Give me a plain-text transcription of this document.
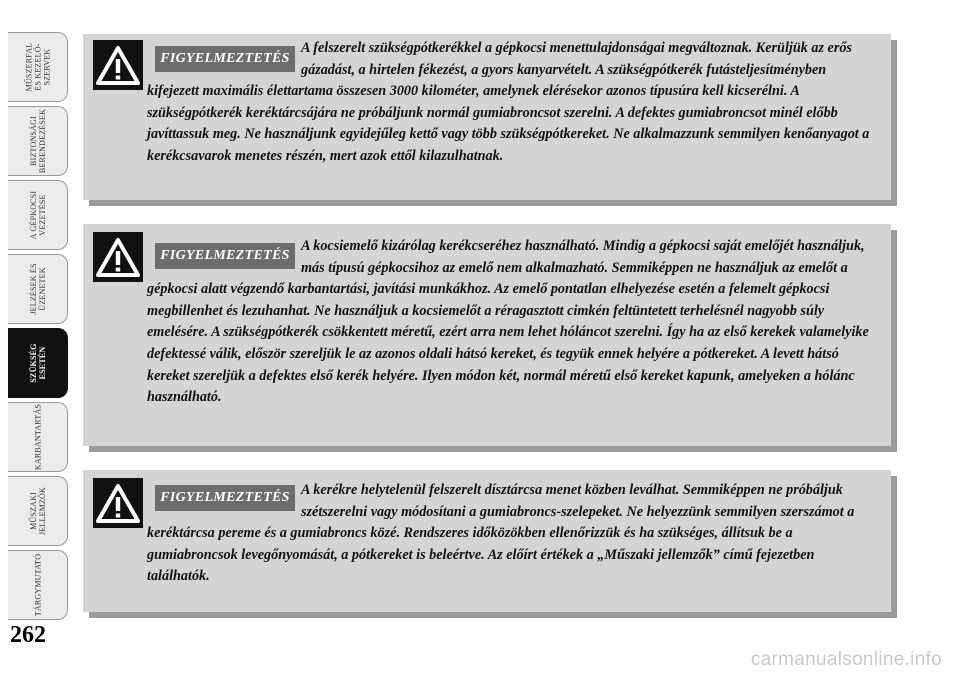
MŰSZERFAL
ÉS KEZELŐ-
SZERVEK
BIZTONSÁGI
BERENDEZÉSEK
A GÉPKOCSI
VEZETÉSE
JELZÉSEK ÉS
ÜZENETEK
SZÜKSÉG
ESETÉN
KARBANTARTÁS
MŰSZAKI
JELLEMZŐK
TÁRGYMUTATÓ
FIGYELMEZTETÉS

A felszerelt szükségpótkerékkel a gépkocsi menettulajdonságai megváltoznak. Kerüljük az erős gázadást, a hirtelen fékezést, a gyors kanyarvételt. A szükségpótkerék futásteljesítményben kifejezett maximális élettartama összesen 3000 kilométer, amelynek elérésekor azonos típusúra kell kicserélni. A szükségpótkerék keréktárcsájára ne próbáljunk normál gumiabroncsot szerelni. A defektes gumiabroncsot minél előbb javíttassuk meg. Ne használjunk egyidejűleg kettő vagy több szükségpótkereket. Ne alkalmazzunk semmilyen kenőanyagot a kerékcsavarok menetes részén, mert azok ettől kilazulhatnak.

FIGYELMEZTETÉS

A kocsiemelő kizárólag kerékcseréhez használható. Mindig a gépkocsi saját emelőjét használjuk, más típusú gépkocsihoz az emelő nem alkalmazható. Semmiképpen ne használjuk az emelőt a gépkocsi alatt végzendő karbantartási, javítási munkákhoz. Az emelő pontatlan elhelyezése esetén a felemelt gépkocsi megbillenhet és lezuhanhat. Ne használjuk a kocsiemelőt a réragasztott cimkén feltüntetett terhelésnél nagyobb súly emelésére. A szükségpótkerék csökkentett méretű, ezért arra nem lehet hóláncot szerelni. Így ha az első kerekek valamelyike defektessé válik, először szereljük le az azonos oldali hátsó kereket, és tegyük ennek helyére a pótkereket. A levett hátsó kereket szereljük a defektes első kerék helyére. Ilyen módon két, normál méretű első kereket kapunk, amelyeken a hólánc használható.

FIGYELMEZTETÉS A kerékre helytelenül felszerelt dísztárcsa menet közben leválhat. Semmiképpen ne próbáljuk szétszerelni vagy módosítani a gumiabroncs-szelepeket. Ne helyezzünk semmilyen szerszámot a keréktárcsa pereme és a gumiabroncs közé. Rendszeres időközökben ellenőrizzük és ha szükséges, állítsuk be a gumiabroncsok levegőnyomását, a pótkereket is beleértve. Az előírt értékek a „Műszaki jellemzők” című fejezetben találhatók.

262
carmanualsonline.info
